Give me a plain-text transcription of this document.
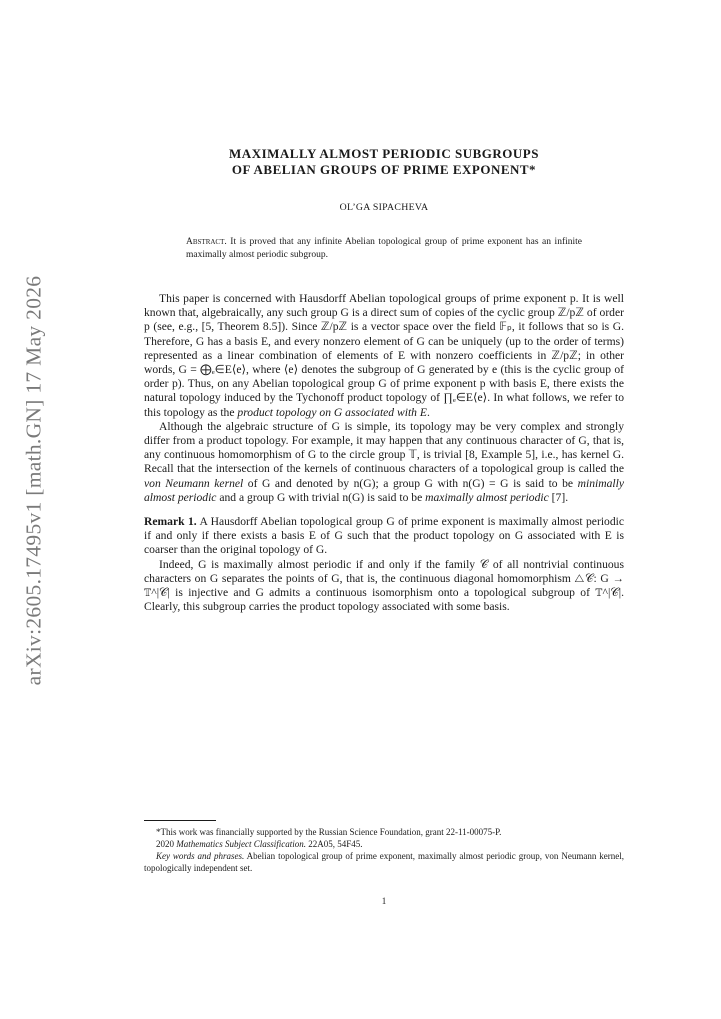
arXiv:2605.17495v1 [math.GN] 17 May 2026
MAXIMALLY ALMOST PERIODIC SUBGROUPS
OF ABELIAN GROUPS OF PRIME EXPONENT*
OL’GA SIPACHEVA
Abstract. It is proved that any infinite Abelian topological group of prime exponent has an infinite maximally almost periodic subgroup.

This paper is concerned with Hausdorff Abelian topological groups of prime exponent p. It is well known that, algebraically, any such group G is a direct sum of copies of the cyclic group ℤ/pℤ of order p (see, e.g., [5, Theorem 8.5]). Since ℤ/pℤ is a vector space over the field 𝔽ₚ, it follows that so is G. Therefore, G has a basis E, and every nonzero element of G can be uniquely (up to the order of terms) represented as a linear combination of elements of E with nonzero coefficients in ℤ/pℤ; in other words, G = ⨁ₑ∈E⟨e⟩, where ⟨e⟩ denotes the subgroup of G generated by e (this is the cyclic group of order p). Thus, on any Abelian topological group G of prime exponent p with basis E, there exists the natural topology induced by the Tychonoff product topology of ∏ₑ∈E⟨e⟩. In what follows, we refer to this topology as the product topology on G associated with E.

Although the algebraic structure of G is simple, its topology may be very complex and strongly differ from a product topology. For example, it may happen that any continuous character of G, that is, any continuous homomorphism of G to the circle group 𝕋, is trivial [8, Example 5], i.e., has kernel G. Recall that the intersection of the kernels of continuous characters of a topological group is called the von Neumann kernel of G and denoted by n(G); a group G with n(G) = G is said to be minimally almost periodic and a group G with trivial n(G) is said to be maximally almost periodic [7].

Remark 1. A Hausdorff Abelian topological group G of prime exponent is maximally almost periodic if and only if there exists a basis E of G such that the product topology on G associated with E is coarser than the original topology of G.

Indeed, G is maximally almost periodic if and only if the family 𝒞 of all nontrivial continuous characters on G separates the points of G, that is, the continuous diagonal homomorphism △𝒞: G → 𝕋^|𝒞| is injective and G admits a continuous isomorphism onto a topological subgroup of 𝕋^|𝒞|. Clearly, this subgroup carries the product topology associated with some basis.

*This work was financially supported by the Russian Science Foundation, grant 22-11-00075-P.

2020 Mathematics Subject Classification. 22A05, 54F45.

Key words and phrases. Abelian topological group of prime exponent, maximally almost periodic group, von Neumann kernel, topologically independent set.

1
